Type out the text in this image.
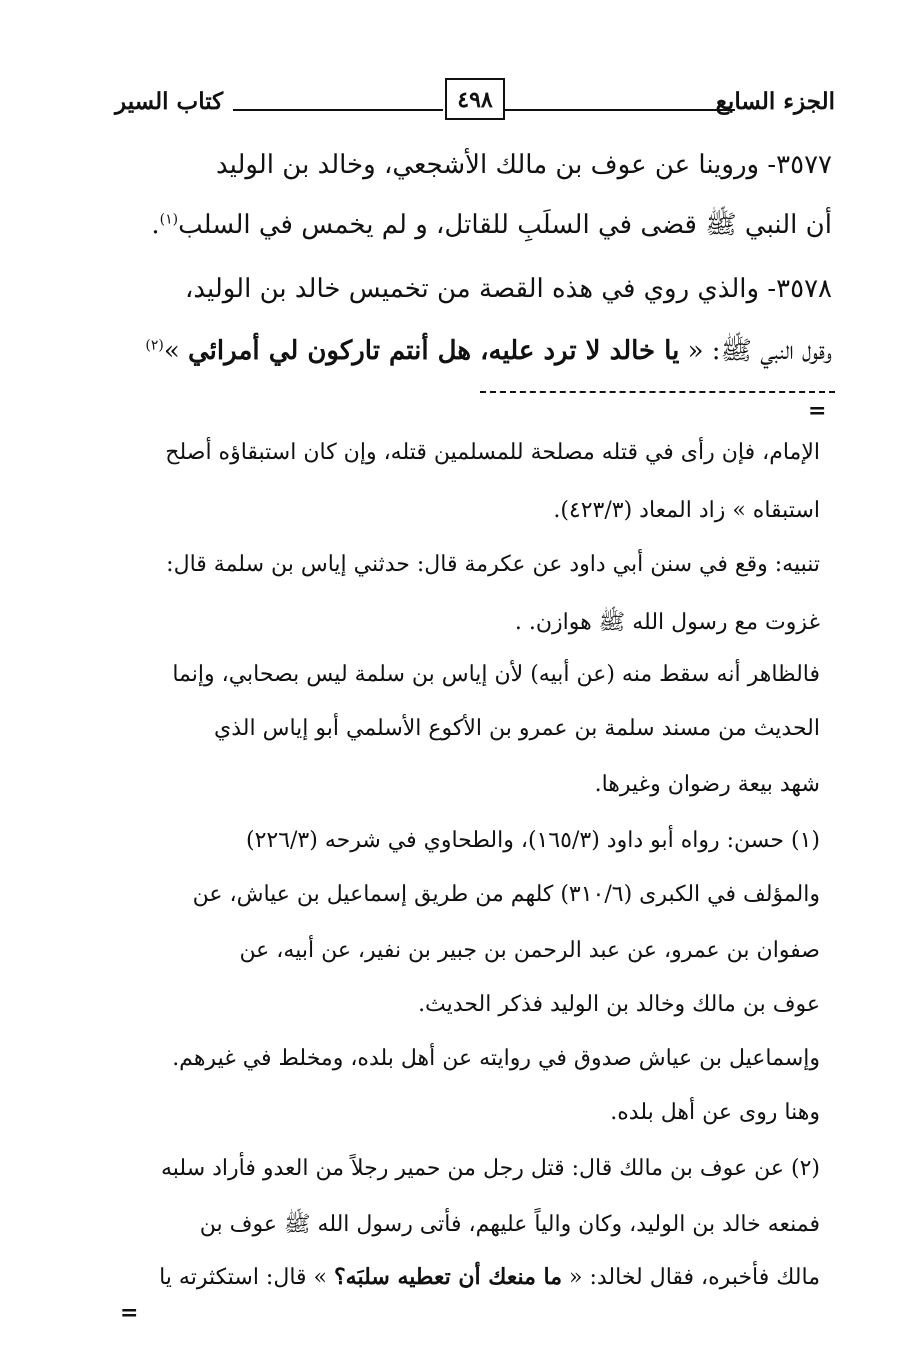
الجزء السابع
٤٩٨
كتاب السير
٣٥٧٧- وروينا عن عوف بن مالك الأشجعي، وخالد بن الوليد
أن النبي ﷺ قضى في السلَبِ للقاتل، و لم يخمس في السلب$^{(١)}$.
٣٥٧٨- والذي روي في هذه القصة من تخميس خالد بن الوليد،
وقول النبي ﷺ: « يا خالد لا ترد عليه، هل أنتم تاركون لي أمرائي »$^{(٢)}$
=
الإمام، فإن رأى في قتله مصلحة للمسلمين قتله، وإن كان استبقاؤه أصلح
استبقاه » زاد المعاد (٤٢٣/٣).
تنبيه: وقع في سنن أبي داود عن عكرمة قال: حدثني إياس بن سلمة قال:
غزوت مع رسول الله ﷺ هوازن. .
فالظاهر أنه سقط منه (عن أبيه) لأن إياس بن سلمة ليس بصحابي، وإنما
الحديث من مسند سلمة بن عمرو بن الأكوع الأسلمي أبو إياس الذي
شهد بيعة رضوان وغيرها.
(١) حسن: رواه أبو داود (١٦٥/٣)، والطحاوي في شرحه (٢٢٦/٣)
والمؤلف في الكبرى (٣١٠/٦) كلهم من طريق إسماعيل بن عياش، عن
صفوان بن عمرو، عن عبد الرحمن بن جبير بن نفير، عن أبيه، عن
عوف بن مالك وخالد بن الوليد فذكر الحديث.
وإسماعيل بن عياش صدوق في روايته عن أهل بلده، ومخلط في غيرهم.
وهنا روى عن أهل بلده.
(٢) عن عوف بن مالك قال: قتل رجل من حمير رجلاً من العدو فأراد سلبه
فمنعه خالد بن الوليد، وكان والياً عليهم، فأتى رسول الله ﷺ عوف بن
مالك فأخبره، فقال لخالد: « ما منعك أن تعطيه سلبَه؟ » قال: استكثرته يا
=
